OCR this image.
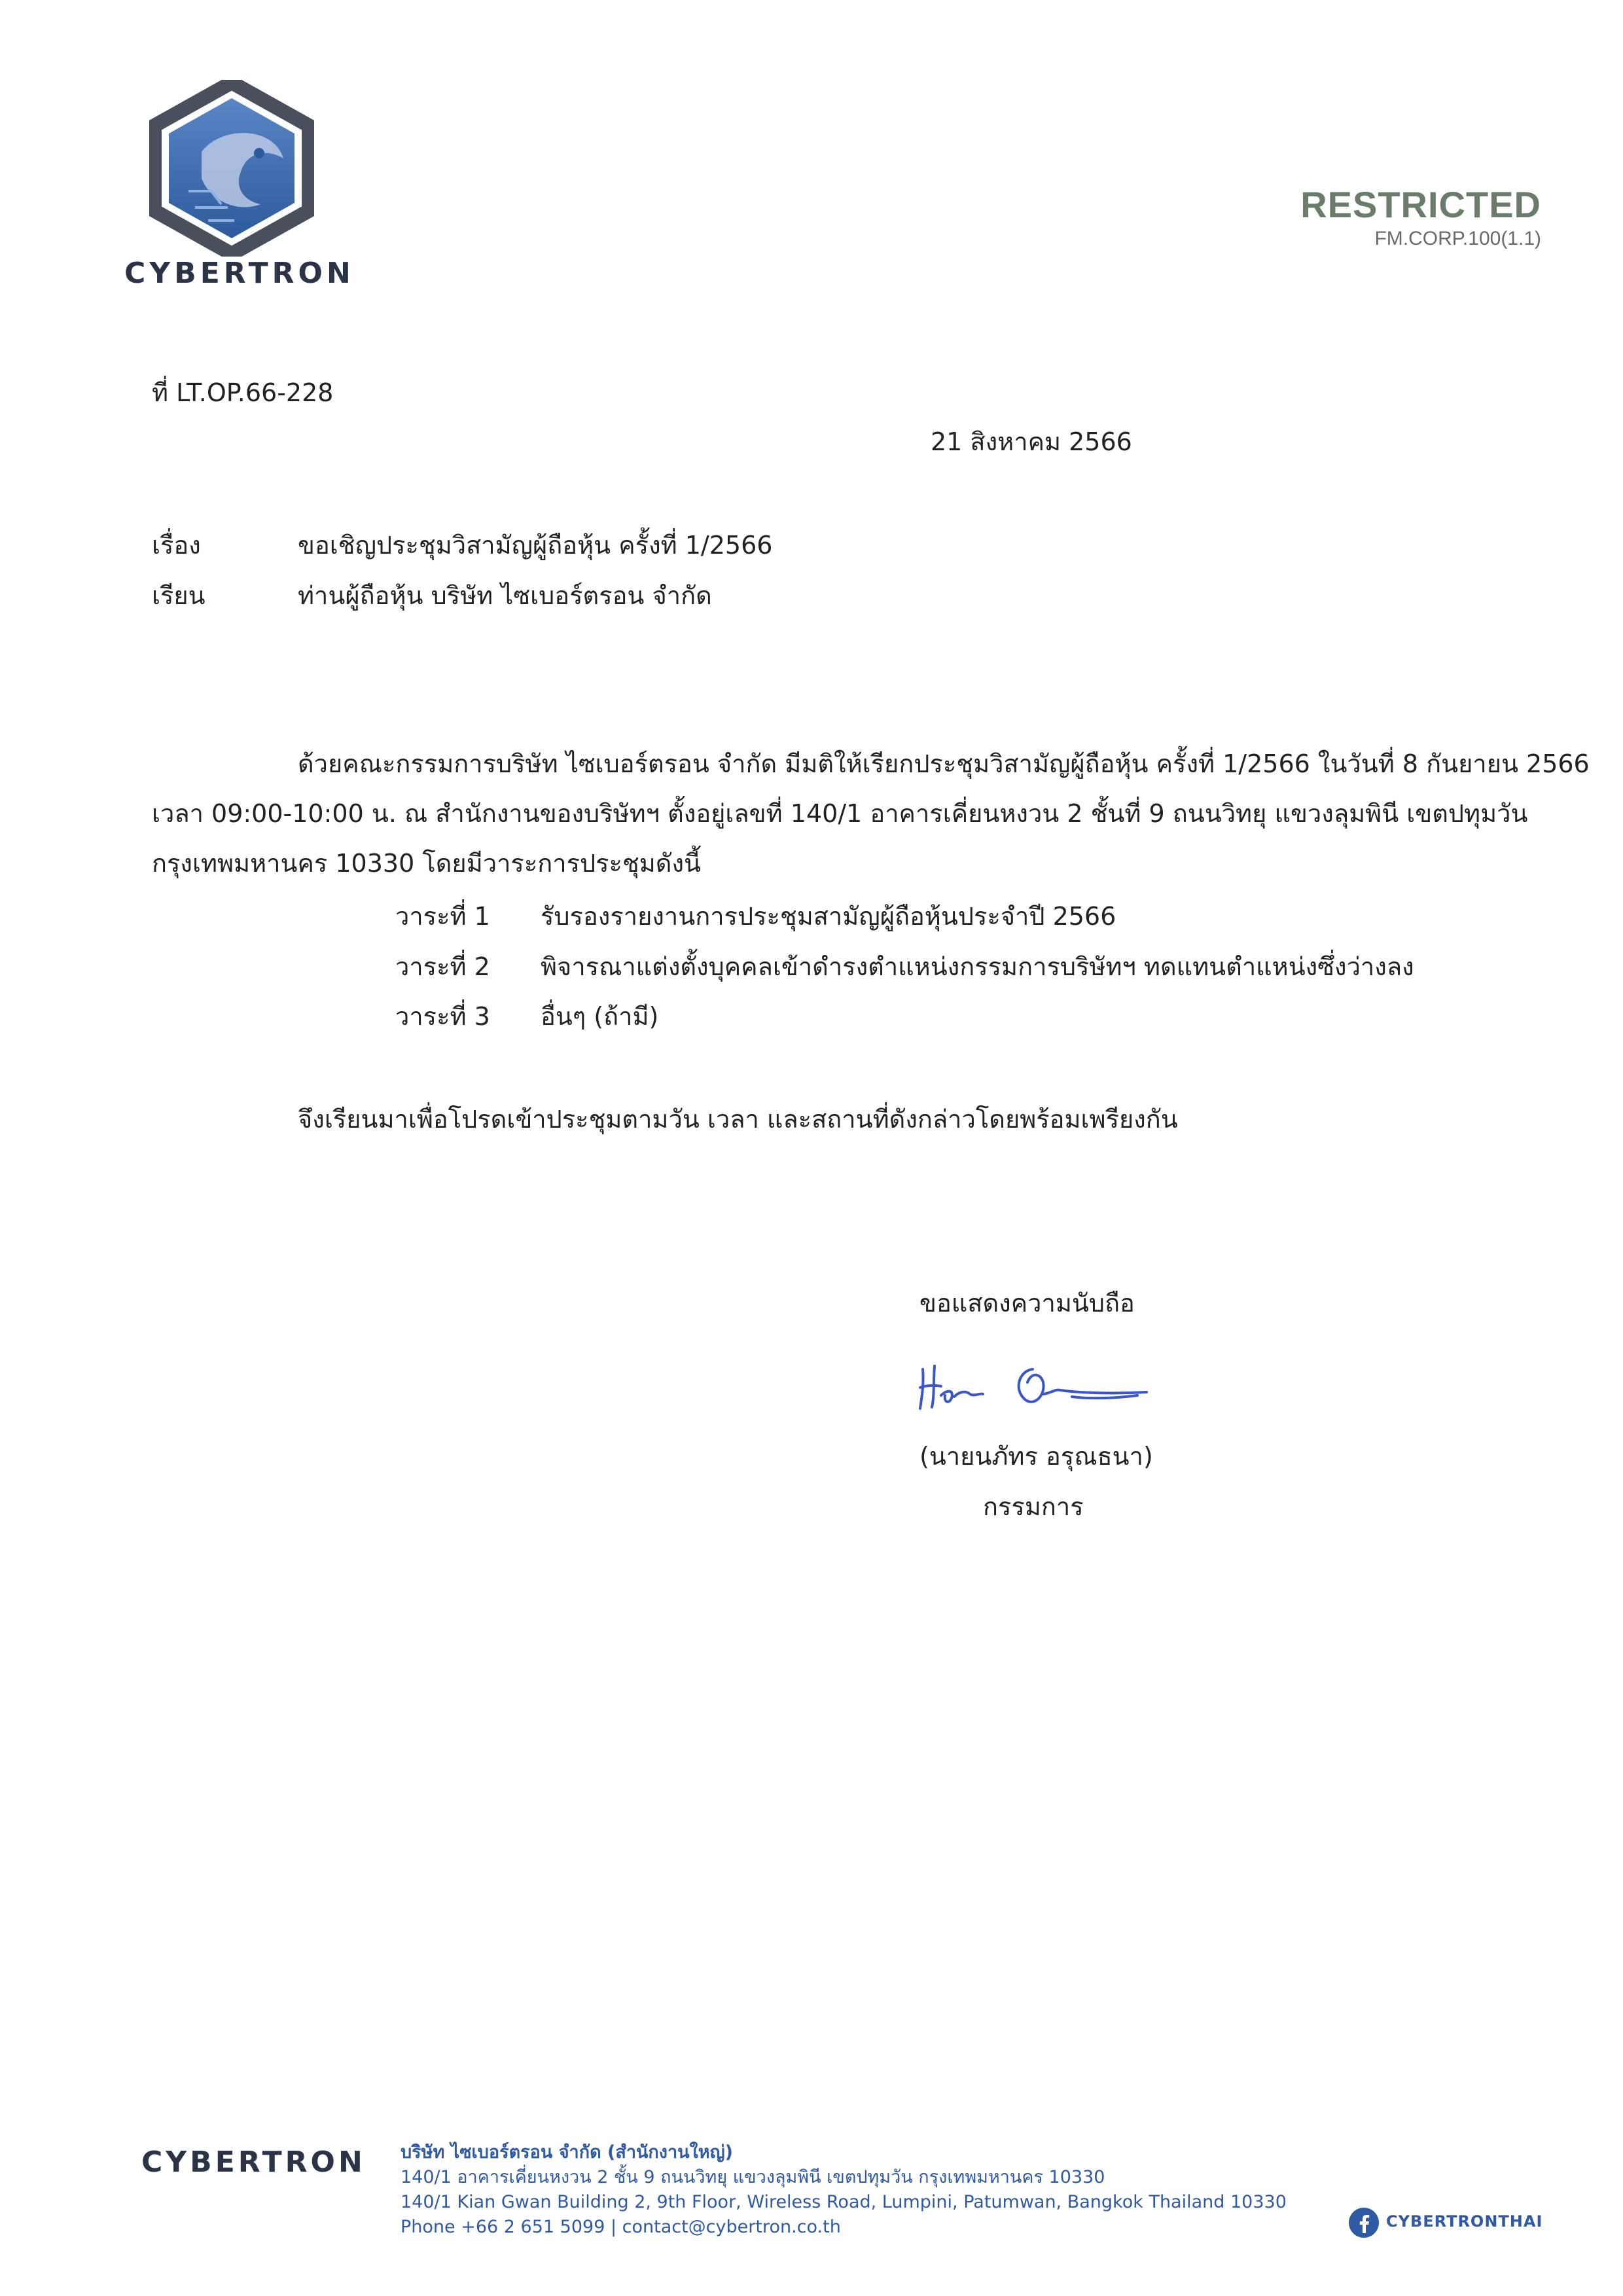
CYBERTRON
RESTRICTED
FM.CORP.100(1.1)
ที่ LT.OP.66-228
21 สิงหาคม 2566
เรื่อง	ขอเชิญประชุมวิสามัญผู้ถือหุ้น ครั้งที่ 1/2566
เรียน	ท่านผู้ถือหุ้น บริษัท ไซเบอร์ตรอน จำกัด
ด้วยคณะกรรมการบริษัท ไซเบอร์ตรอน จำกัด มีมติให้เรียกประชุมวิสามัญผู้ถือหุ้น ครั้งที่ 1/2566 ในวันที่ 8 กันยายน 2566
เวลา 09:00-10:00 น. ณ สำนักงานของบริษัทฯ ตั้งอยู่เลขที่ 140/1 อาคารเคี่ยนหงวน 2 ชั้นที่ 9 ถนนวิทยุ แขวงลุมพินี เขตปทุมวัน
กรุงเทพมหานคร 10330 โดยมีวาระการประชุมดังนี้
วาระที่ 1 รับรองรายงานการประชุมสามัญผู้ถือหุ้นประจำปี 2566
วาระที่ 2 พิจารณาแต่งตั้งบุคคลเข้าดำรงตำแหน่งกรรมการบริษัทฯ ทดแทนตำแหน่งซึ่งว่างลง
วาระที่ 3 อื่นๆ (ถ้ามี)
จึงเรียนมาเพื่อโปรดเข้าประชุมตามวัน เวลา และสถานที่ดังกล่าวโดยพร้อมเพรียงกัน
ขอแสดงความนับถือ
(นายนภัทร อรุณธนา)
กรรมการ
CYBERTRON บริษัท ไซเบอร์ตรอน จำกัด (สำนักงานใหญ่)
140/1 อาคารเคี่ยนหงวน 2 ชั้น 9 ถนนวิทยุ แขวงลุมพินี เขตปทุมวัน กรุงเทพมหานคร 10330
140/1 Kian Gwan Building 2, 9th Floor, Wireless Road, Lumpini, Patumwan, Bangkok Thailand 10330
Phone +66 2 651 5099 | contact@cybertron.co.th	CYBERTRONTHAI
